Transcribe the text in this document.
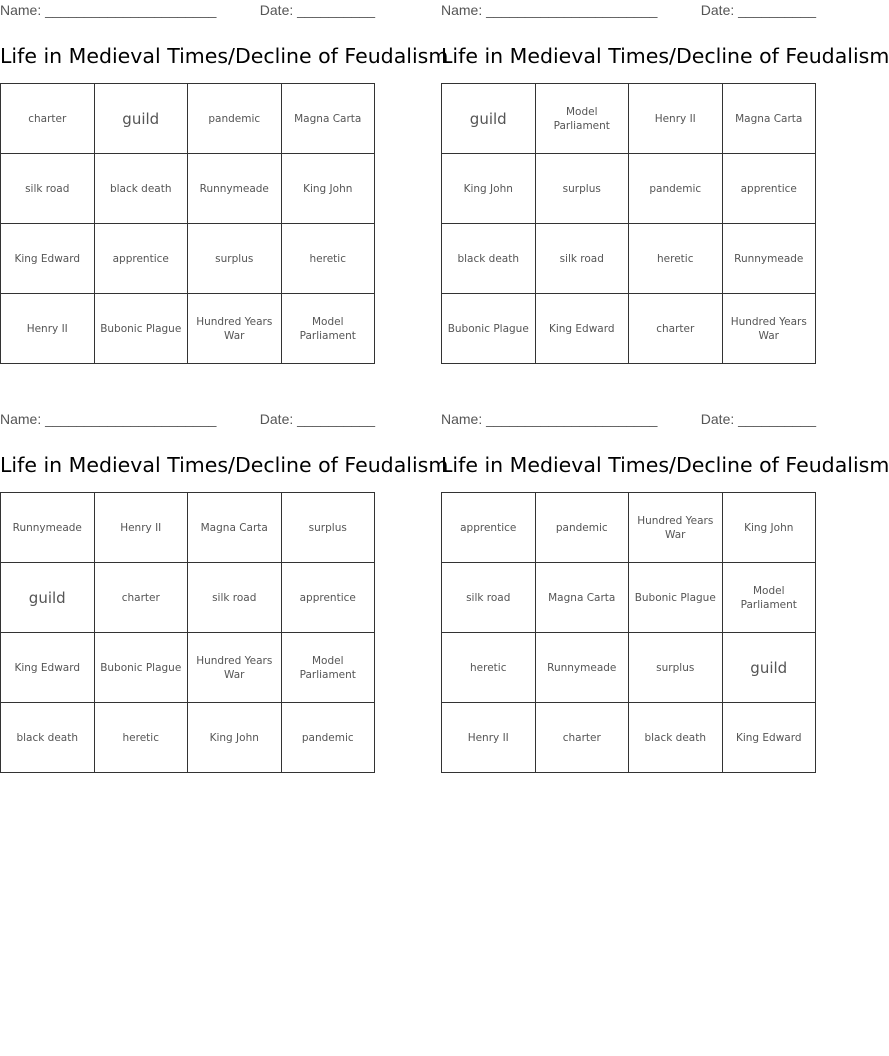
Name: ______________________	Date: __________
Life in Medieval Times/Decline of Feudalism
charter	guild	pandemic	Magna Carta
silk road	black death	Runnymeade	King John
King Edward	apprentice	surplus	heretic
Henry II	Bubonic Plague	Hundred Years War	Model Parliament
Name: ______________________	Date: __________
Life in Medieval Times/Decline of Feudalism
guild	Model Parliament	Henry II	Magna Carta
King John	surplus	pandemic	apprentice
black death	silk road	heretic	Runnymeade
Bubonic Plague	King Edward	charter	Hundred Years War
Name: ______________________	Date: __________
Life in Medieval Times/Decline of Feudalism
Runnymeade	Henry II	Magna Carta	surplus
guild	charter	silk road	apprentice
King Edward	Bubonic Plague	Hundred Years War	Model Parliament
black death	heretic	King John	pandemic
Name: ______________________	Date: __________
Life in Medieval Times/Decline of Feudalism
apprentice	pandemic	Hundred Years War	King John
silk road	Magna Carta	Bubonic Plague	Model Parliament
heretic	Runnymeade	surplus	guild
Henry II	charter	black death	King Edward
